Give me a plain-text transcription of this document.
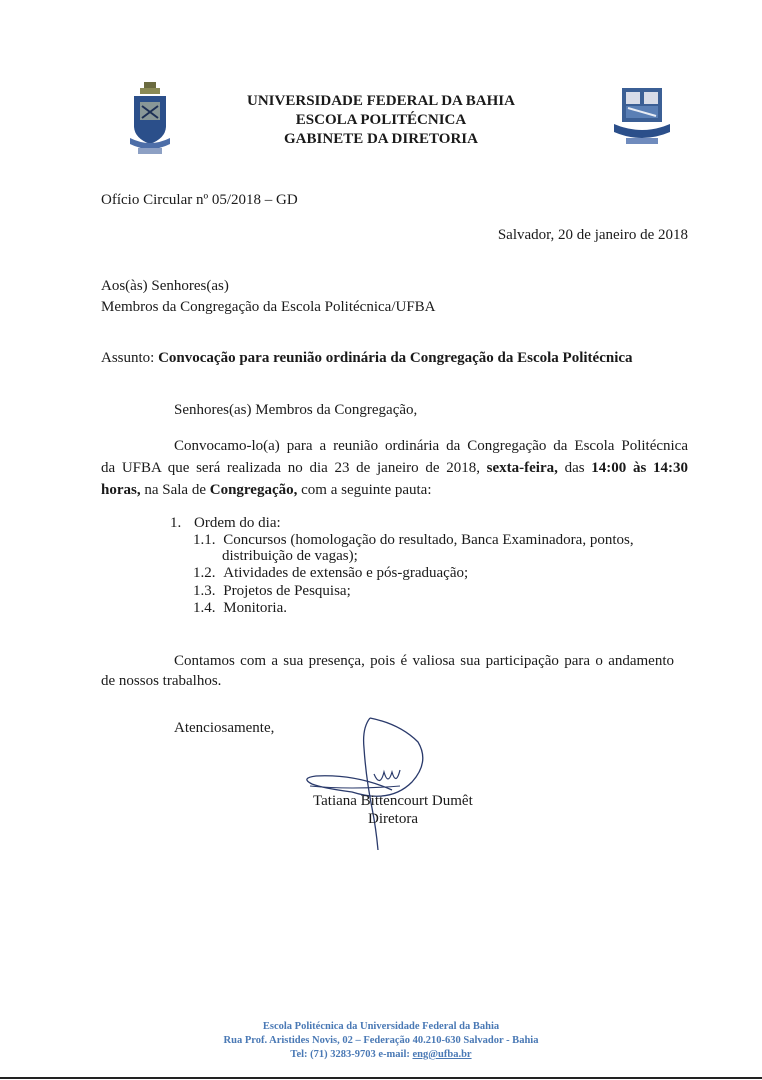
UNIVERSIDADE FEDERAL DA BAHIA
ESCOLA POLITÉCNICA
GABINETE DA DIRETORIA
Ofício Circular nº 05/2018 – GD
Salvador, 20 de janeiro de 2018
Aos(às) Senhores(as)
Membros da Congregação da Escola Politécnica/UFBA
Assunto: Convocação para reunião ordinária da Congregação da Escola Politécnica
Senhores(as) Membros da Congregação,
Convocamo-lo(a) para a reunião ordinária da Congregação da Escola Politécnica
da UFBA que será realizada no dia 23 de janeiro de 2018, sexta-feira, das 14:00 às 14:30
horas, na Sala de Congregação, com a seguinte pauta:
1. Ordem do dia:
1.1. Concursos (homologação do resultado, Banca Examinadora, pontos,
distribuição de vagas);
1.2. Atividades de extensão e pós-graduação;
1.3. Projetos de Pesquisa;
1.4. Monitoria.
Contamos com a sua presença, pois é valiosa sua participação para o andamento
de nossos trabalhos.
Atenciosamente,
Tatiana Bittencourt Dumêt
Diretora
Escola Politécnica da Universidade Federal da Bahia
Rua Prof. Aristides Novis, 02 – Federação 40.210-630 Salvador - Bahia
Tel: (71) 3283-9703 e-mail: eng@ufba.br
